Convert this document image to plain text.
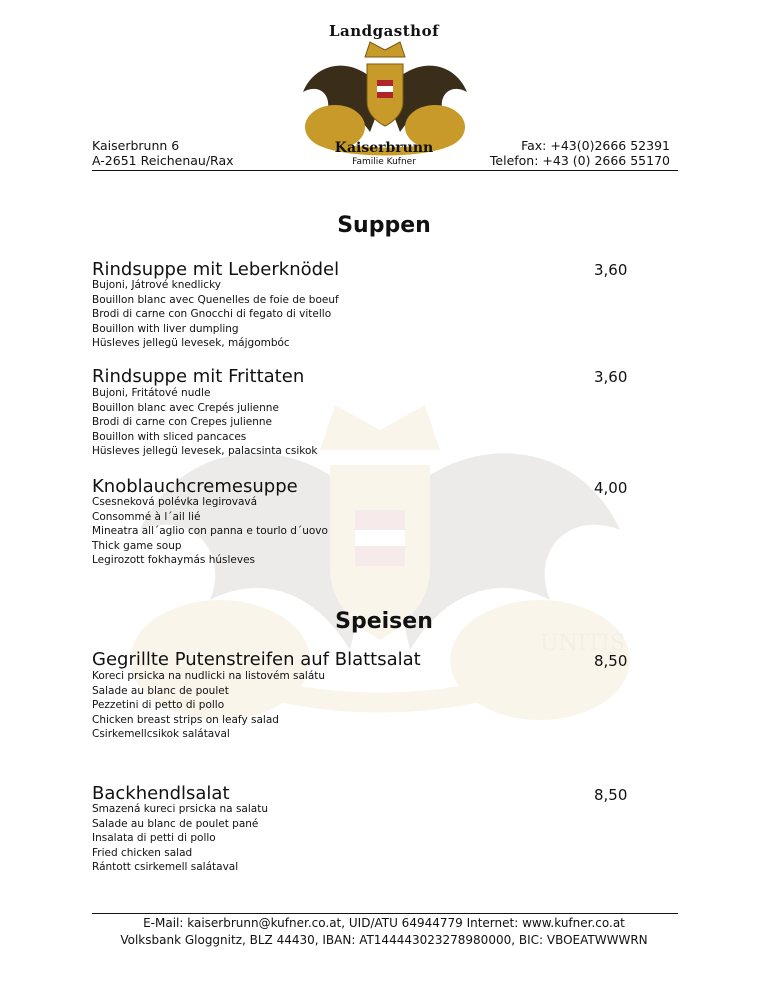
Landgasthof
Kaiserbrunn
Familie Kufner
UNITIS
Kaiserbrunn 6
A-2651 Reichenau/Rax
Fax: +43(0)2666 52391
Telefon: +43 (0) 2666 55170
Suppen
Rindsuppe mit Leberknödel	3,60
Bujoni, Játrové knedlicky
Bouillon blanc avec Quenelles de foie de boeuf
Brodi di carne con Gnocchi di fegato di vitello
Bouillon with liver dumpling
Hüsleves jellegü levesek, májgombóc
Rindsuppe mit Frittaten	3,60
Bujoni, Fritátové nudle
Bouillon blanc avec Crepés julienne
Brodi di carne con Crepes julienne
Bouillon with sliced pancaces
Hüsleves jellegü levesek, palacsinta csikok
Knoblauchcremesuppe	4,00
Csesneková polévka legirovavá
Consommé à l´ail lié
Mineatra all´aglio con panna e tourlo d´uovo
Thick game soup
Legirozott fokhaymás húsleves
Speisen
Gegrillte Putenstreifen auf Blattsalat	8,50
Koreci prsicka na nudlicki na listovém salátu
Salade au blanc de poulet
Pezzetini di petto di pollo
Chicken breast strips on leafy salad
Csirkemellcsikok salátaval
Backhendlsalat	8,50
Smazená kureci prsicka na salatu
Salade au blanc de poulet pané
Insalata di petti di pollo
Fried chicken salad
Rántott csirkemell salátaval
E-Mail: kaiserbrunn@kufner.co.at, UID/ATU 64944779 Internet: www.kufner.co.at
Volksbank Gloggnitz, BLZ 44430, IBAN: AT144443023278980000, BIC: VBOEATWWWRN
